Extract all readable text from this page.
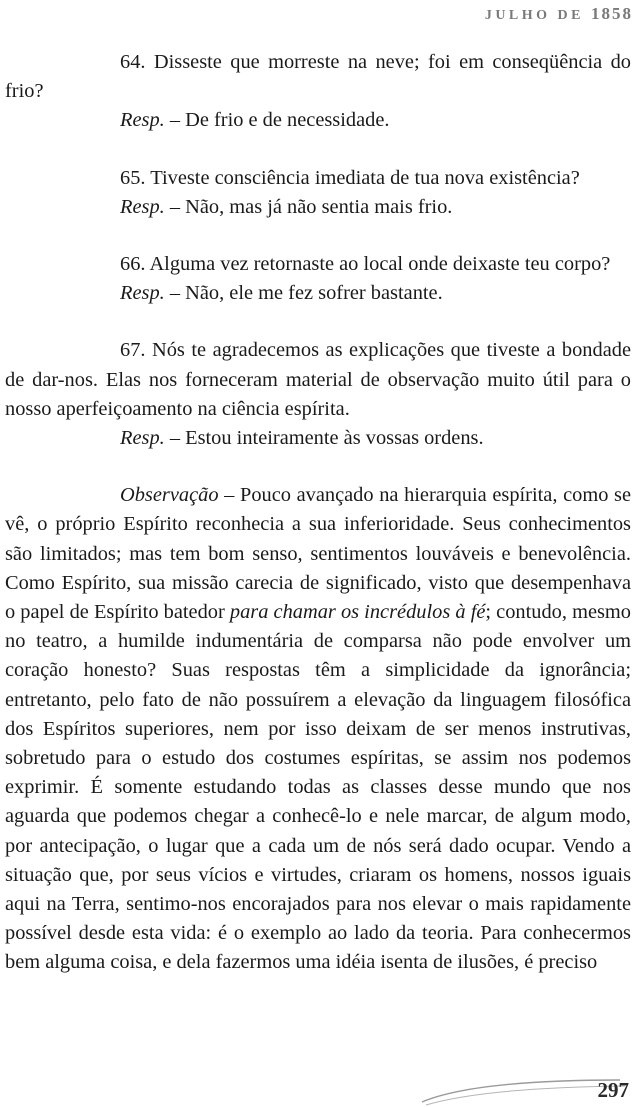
JULHO DE 1858

64. Disseste que morreste na neve; foi em conseqüência do frio?

Resp. – De frio e de necessidade.

65. Tiveste consciência imediata de tua nova existência?

Resp. – Não, mas já não sentia mais frio.

66. Alguma vez retornaste ao local onde deixaste teu corpo?

Resp. – Não, ele me fez sofrer bastante.

67. Nós te agradecemos as explicações que tiveste a bondade de dar-nos. Elas nos forneceram material de observação muito útil para o nosso aperfeiçoamento na ciência espírita.

Resp. – Estou inteiramente às vossas ordens.

Observação – Pouco avançado na hierarquia espírita, como se vê, o próprio Espírito reconhecia a sua inferioridade. Seus conhecimentos são limitados; mas tem bom senso, sentimentos louváveis e benevolência. Como Espírito, sua missão carecia de significado, visto que desempenhava o papel de Espírito batedor para chamar os incrédulos à fé; contudo, mesmo no teatro, a humilde indumentária de comparsa não pode envolver um coração honesto? Suas respostas têm a simplicidade da ignorância; entretanto, pelo fato de não possuírem a elevação da linguagem filosófica dos Espíritos superiores, nem por isso deixam de ser menos instrutivas, sobretudo para o estudo dos costumes espíritas, se assim nos podemos exprimir. É somente estudando todas as classes desse mundo que nos aguarda que podemos chegar a conhecê-lo e nele marcar, de algum modo, por antecipação, o lugar que a cada um de nós será dado ocupar. Vendo a situação que, por seus vícios e virtudes, criaram os homens, nossos iguais aqui na Terra, sentimo-nos encorajados para nos elevar o mais rapidamente possível desde esta vida: é o exemplo ao lado da teoria. Para conhecermos bem alguma coisa, e dela fazermos uma idéia isenta de ilusões, é preciso

297
